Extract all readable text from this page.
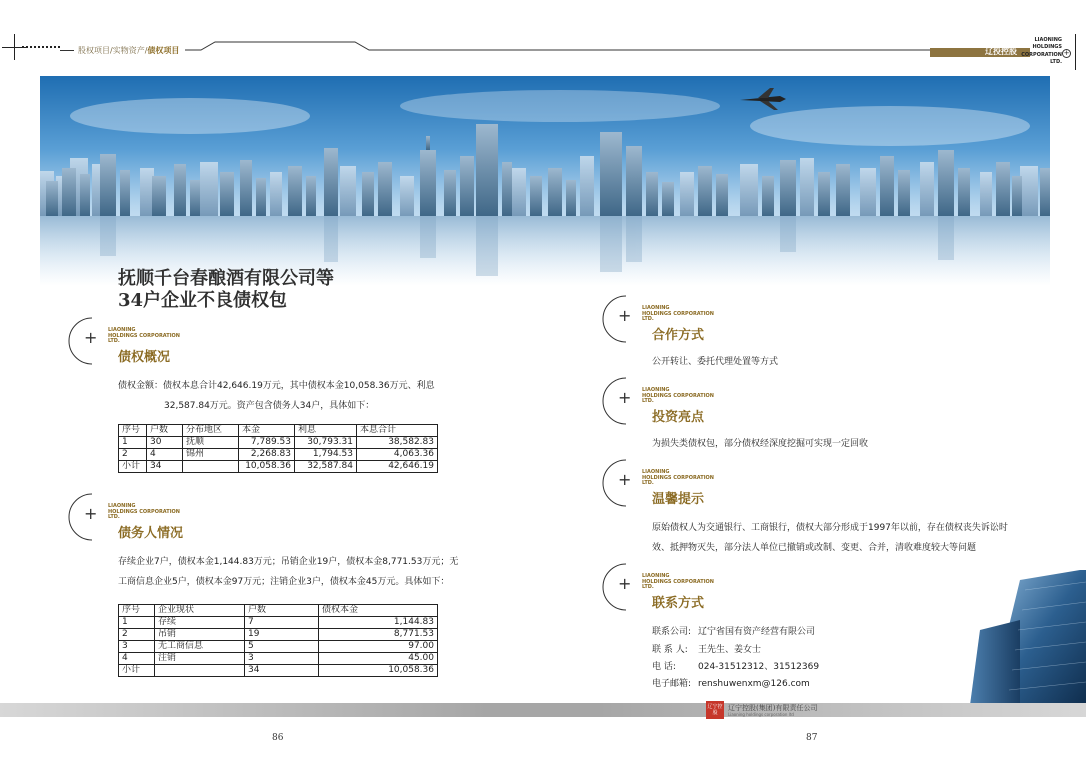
股权项目/实物资产/债权项目	辽投控股
LIAONING
HOLDINGS
CORPORATION
LTD.
+
抚顺千台春酿酒有限公司等
34户企业不良债权包
+ LIAONING
HOLDINGS CORPORATION
LTD.
债权概况
债权金额：债权本息合计42,646.19万元，其中债权本金10,058.36万元、利息
32,587.84万元。资产包含债务人34户，具体如下：
序号	户数	分布地区	本金	利息	本息合计
1	30	抚顺	7,789.53	30,793.31	38,582.83
2	4	锦州	2,268.83	1,794.53	4,063.36
小计	34		10,058.36	32,587.84	42,646.19
+ LIAONING
HOLDINGS CORPORATION
LTD.
债务人情况
存续企业7户，债权本金1,144.83万元；吊销企业19户，债权本金8,771.53万元；无
工商信息企业5户，债权本金97万元；注销企业3户，债权本金45万元。具体如下：
序号	企业现状	户数	债权本金
1	存续	7	1,144.83
2	吊销	19	8,771.53
3	无工商信息	5	97.00
4	注销	3	45.00
小计		34	10,058.36
+ LIAONING
HOLDINGS CORPORATION
LTD.
合作方式
公开转让、委托代理处置等方式
+ LIAONING
HOLDINGS CORPORATION
LTD.
投资亮点
为损失类债权包，部分债权经深度挖掘可实现一定回收
+ LIAONING
HOLDINGS CORPORATION
LTD.
温馨提示
原始债权人为交通银行、工商银行，债权大部分形成于1997年以前，存在债权丧失诉讼时
效、抵押物灭失，部分法人单位已撤销或改制、变更、合并，清收难度较大等问题
+ LIAONING
HOLDINGS CORPORATION
LTD.
联系方式
联系公司: 辽宁省国有资产经营有限公司
联 系 人: 王先生、姜女士
电 话: 024-31512312、31512369
电子邮箱: renshuwenxm@126.com
辽宁控股
辽宁控股(集团)有限责任公司
Liaoning holdings corporation ltd
86	87
